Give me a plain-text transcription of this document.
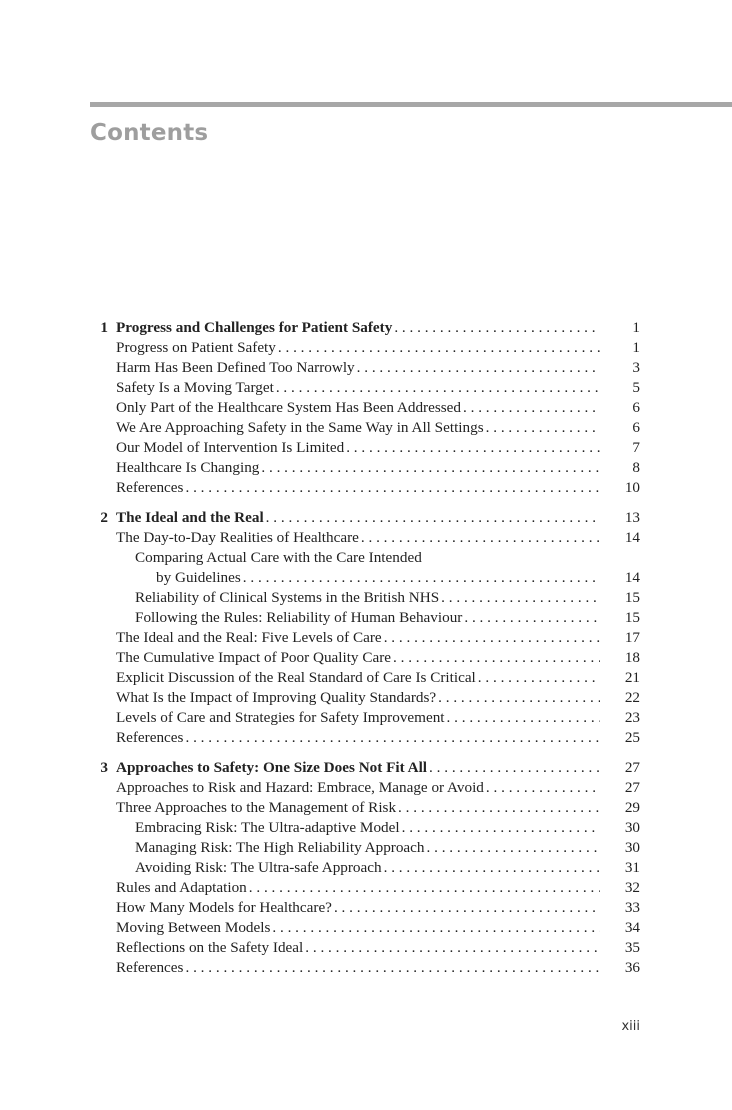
Contents
1 Progress and Challenges for Patient Safety . . .	1
Progress on Patient Safety . . .	1
Harm Has Been Defined Too Narrowly . . .	3
Safety Is a Moving Target . . .	5
Only Part of the Healthcare System Has Been Addressed . . .	6
We Are Approaching Safety in the Same Way in All Settings . . .	6
Our Model of Intervention Is Limited . . .	7
Healthcare Is Changing . . .	8
References . . .	10
2 The Ideal and the Real . . .	13
The Day-to-Day Realities of Healthcare . . .	14
Comparing Actual Care with the Care Intended
by Guidelines . . .	14
Reliability of Clinical Systems in the British NHS . . .	15
Following the Rules: Reliability of Human Behaviour . . .	15
The Ideal and the Real: Five Levels of Care . . .	17
The Cumulative Impact of Poor Quality Care . . .	18
Explicit Discussion of the Real Standard of Care Is Critical . . .	21
What Is the Impact of Improving Quality Standards? . . .	22
Levels of Care and Strategies for Safety Improvement . . .	23
References . . .	25
3 Approaches to Safety: One Size Does Not Fit All . . .	27
Approaches to Risk and Hazard: Embrace, Manage or Avoid . . .	27
Three Approaches to the Management of Risk . . .	29
Embracing Risk: The Ultra-adaptive Model . . .	30
Managing Risk: The High Reliability Approach . . .	30
Avoiding Risk: The Ultra-safe Approach . . .	31
Rules and Adaptation . . .	32
How Many Models for Healthcare? . . .	33
Moving Between Models . . .	34
Reflections on the Safety Ideal . . .	35
References . . .	36
xiii
